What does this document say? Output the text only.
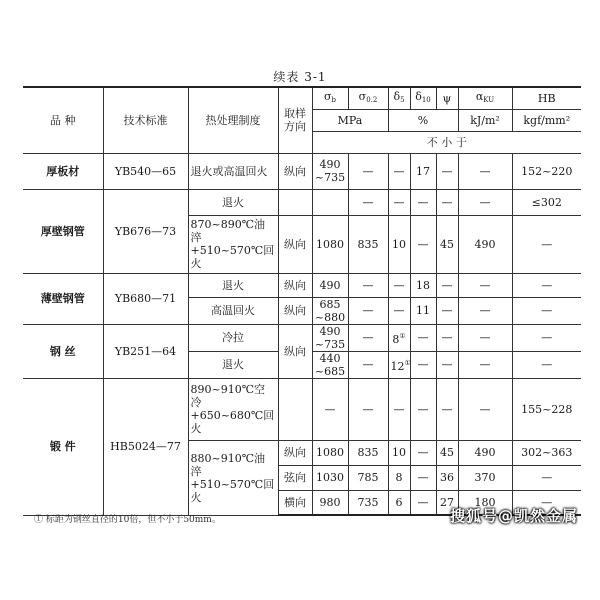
续表 3-1
品 种	技术标准	热处理制度	取样方向	$\sigma_b$	$\sigma_{0.2}$	$\delta_5$	$\delta_{10}$	ψ	$\alpha_{KU}$	HB
				MPa		%			kJ/m²	kgf/mm²
				不 小 于						
厚板材	YB540—65	退火或高温回火	纵向	490 ~735	—	—	17	—	—	152~220
厚壁钢管	YB676—73	退火			—	—	—	—	—	≤302
		870~890℃油淬 +510~570℃回火	纵向	1080	835	10	—	45	490	—
薄壁钢管	YB680—71	退火	纵向	490	—	—	18	—	—	—
		高温回火	纵向	685 ~880	—	—	11	—	—	—
钢 丝	YB251—64	冷拉	纵向	490 ~735	—	8①	—	—	—	—
		退火		440 ~685	—	12①	—	—	—	—
锻 件	HB5024—77	890~910℃空冷 +650~680℃回火		—	—	—	—	—	—	155~228
		880~910℃油淬 +510~570℃回火	纵向	1080	835	10	—	45	490	302~363
			弦向	1030	785	8	—	36	370	—
			横向	980	735	6	—	27	180	—
① 标距为钢丝直径的10倍，但不小于50mm。	搜狐号@凯然金属
